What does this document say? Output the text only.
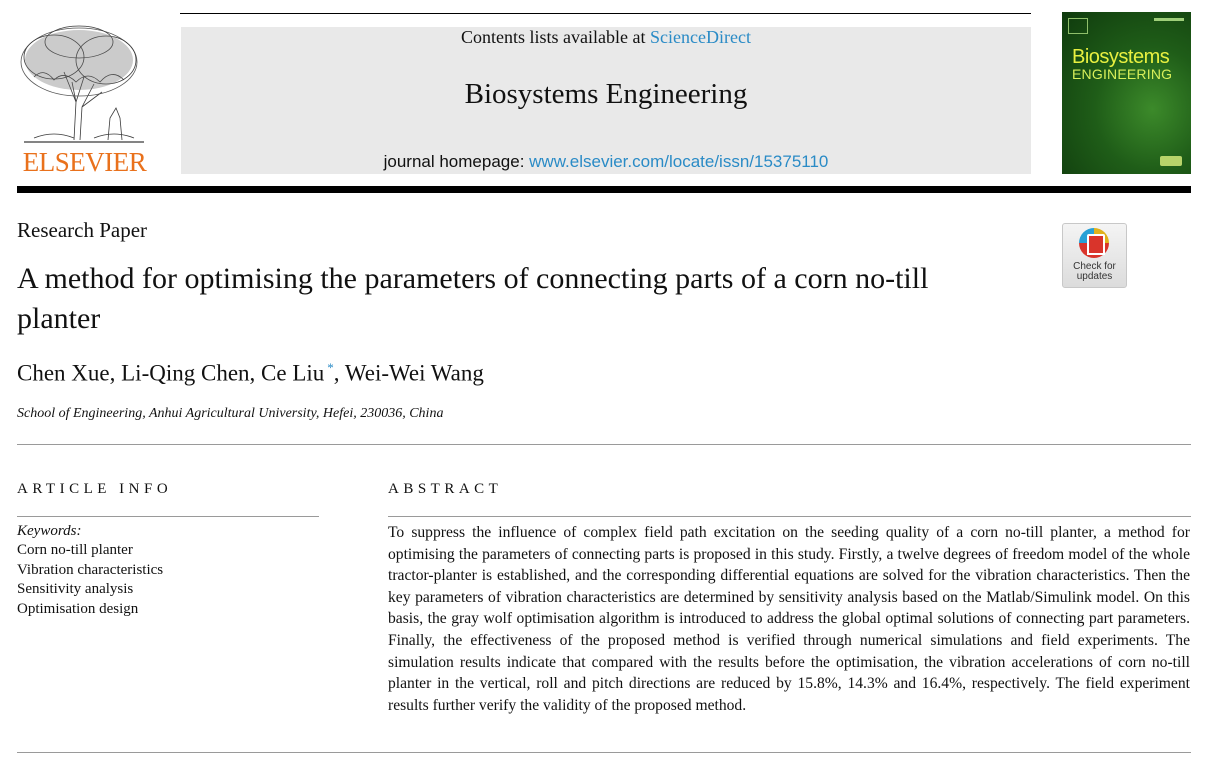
ELSEVIER
Contents lists available at ScienceDirect
Biosystems Engineering
journal homepage: www.elsevier.com/locate/issn/15375110
Biosystems
ENGINEERING
Research Paper
A method for optimising the parameters of connecting parts of a corn no-till planter
Check for
updates
Chen Xue, Li-Qing Chen, Ce Liu *, Wei-Wei Wang
School of Engineering, Anhui Agricultural University, Hefei, 230036, China
ARTICLE INFO
Keywords:
Corn no-till planter
Vibration characteristics
Sensitivity analysis
Optimisation design
ABSTRACT
To suppress the influence of complex field path excitation on the seeding quality of a corn no-till planter, a method for optimising the parameters of connecting parts is proposed in this study. Firstly, a twelve degrees of freedom model of the whole tractor-planter is established, and the corresponding differential equations are solved for the vibration characteristics. Then the key parameters of vibration characteristics are determined by sensitivity analysis based on the Matlab/Simulink model. On this basis, the gray wolf optimisation algorithm is introduced to address the global optimal solutions of connecting part parameters. Finally, the effectiveness of the proposed method is verified through numerical simulations and field experiments. The simulation results indicate that compared with the results before the optimisation, the vibration accelerations of corn no-till planter in the vertical, roll and pitch directions are reduced by 15.8%, 14.3% and 16.4%, respectively. The field experiment results further verify the validity of the proposed method.
